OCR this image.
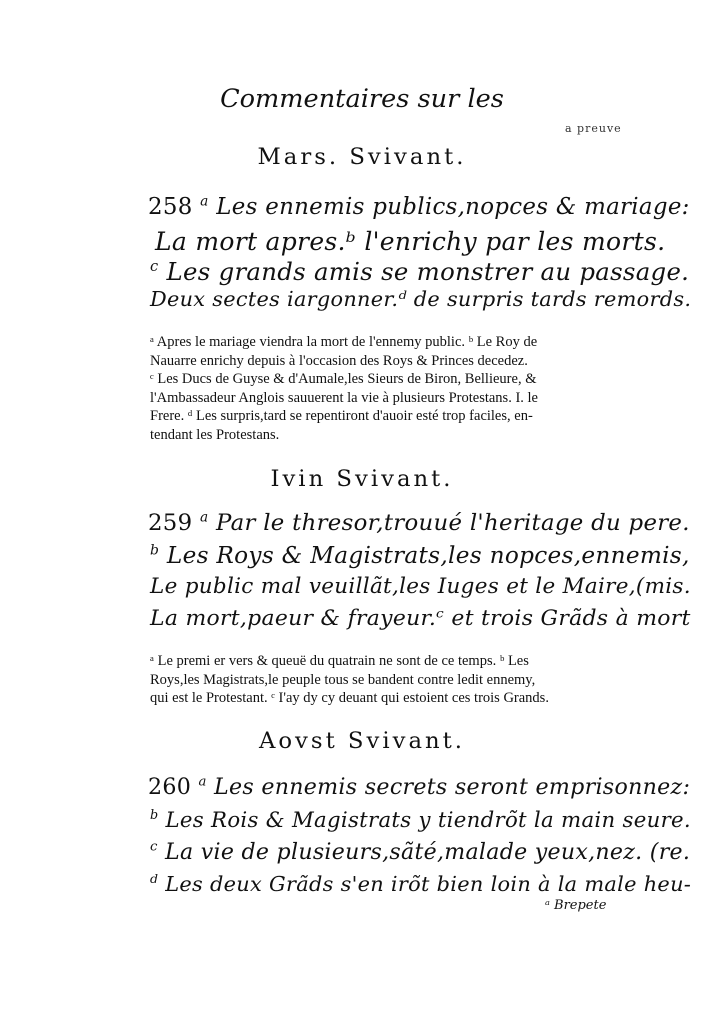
Commentaires sur les
a preuve
Mars. Svivant.
258 $^a$ Les ennemis publics,nopces & mariage:
La mort apres.ᵇ l'enrichy par les morts.
$^c$ Les grands amis se monstrer au passage.
Deux sectes iargonner.ᵈ de surpris tards remords.
ᵃ Apres le mariage viendra la mort de l'ennemy public. ᵇ Le Roy de
Nauarre enrichy depuis à l'occasion des Roys & Princes decedez.
ᶜ Les Ducs de Guyse & d'Aumale,les Sieurs de Biron, Bellieure, &
l'Ambassadeur Anglois sauuerent la vie à plusieurs Protestans. I. le
Frere. ᵈ Les surpris,tard se repentiront d'auoir esté trop faciles, en-
tendant les Protestans.
Ivin Svivant.
259 $^a$ Par le thresor,trouué l'heritage du pere.
$^b$ Les Roys & Magistrats,les nopces,ennemis,
Le public mal veuillãt,les Iuges et le Maire,(mis.
La mort,paeur & frayeur.ᶜ et trois Grãds à mort
ᵃ Le premi er vers & queuë du quatrain ne sont de ce temps. ᵇ Les
Roys,les Magistrats,le peuple tous se bandent contre ledit ennemy,
qui est le Protestant. ᶜ I'ay dy cy deuant qui estoient ces trois Grands.
Aovst Svivant.
260 $^a$ Les ennemis secrets seront emprisonnez:
$^b$ Les Rois & Magistrats y tiendrõt la main seure.
$^c$ La vie de plusieurs,sãté,malade yeux,nez. (re.
$^d$ Les deux Grãds s'en irõt bien loin à la male heu-
ᵃ Brepete
